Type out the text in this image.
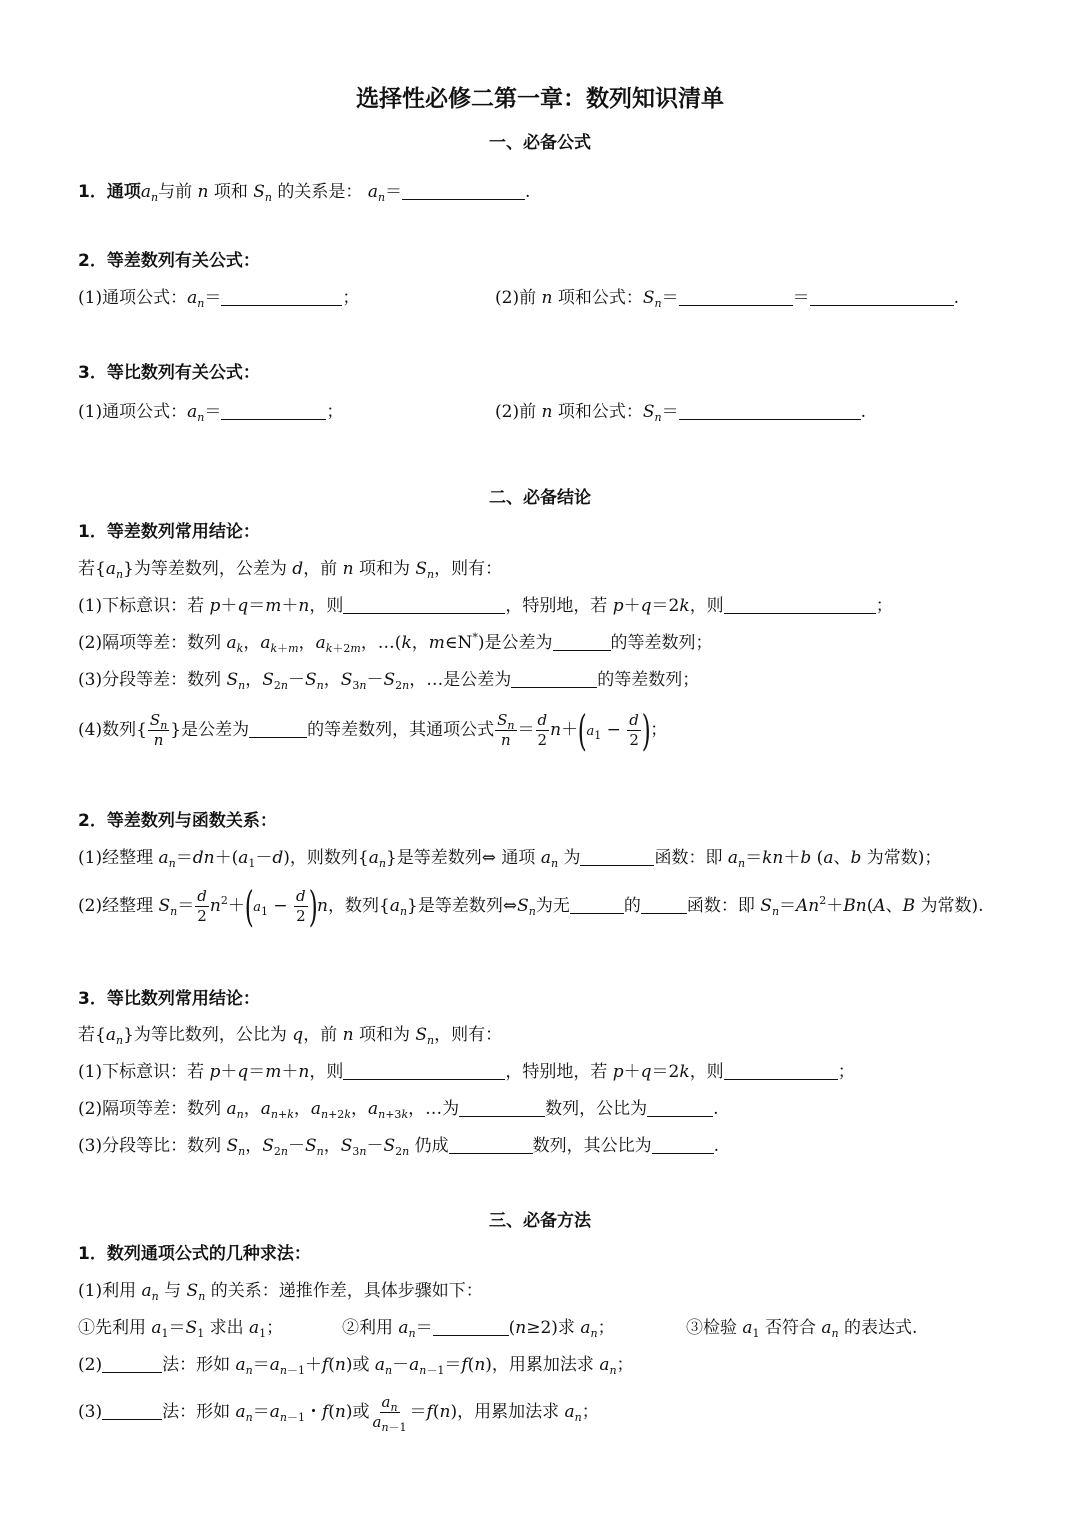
选择性必修二第一章：数列知识清单
一、必备公式
1．通项$a_n$与前 n 项和 $S_n$ 的关系是： $a_n=$	.
2．等差数列有关公式：
(1)通项公式：$a_n=$	；	(2)前 n 项和公式：$S_n=$	＝	.
3．等比数列有关公式：
(1)通项公式：$a_n=$	；	(2)前 n 项和公式：$S_n=$	.
二、必备结论
1．等差数列常用结论：
若$\{a_n\}$为等差数列，公差为 d，前 n 项和为 $S_n$，则有：
(1)下标意识：若 p＋q＝m＋n，则	，特别地，若 p＋q＝2k，则	；
(2)隔项等差：数列 $a_k$，$a_{k+m}$，$a_{k+2m}$，…(k，m∈N*)是公差为	的等差数列；
(3)分段等差：数列 $S_n$，$S_{2n}-S_n$，$S_{3n}-S_{2n}$，…是公差为	的等差数列；
(4)数列{ $\frac{S_n}{n}$ }是公差为	的等差数列，其通项公式 $\frac{S_n}{n} = \frac{d}{2} n+(a_1 - \frac{d}{2}$ )；
2．等差数列与函数关系：
(1)经整理 $a_n=dn+(a_1-d)$，则数列$\{a_n\}$是等差数列⇔ 通项 $a_n$ 为	函数：即 $a_n=kn+b$ (a、b 为常数)；
(2)经整理 $S_n= \frac{d}{2} n^2+(a_1 - \frac{d}{2} )n$，数列$\{a_n\}$是等差数列$\Leftrightarrow S_n$为无	的	函数：即 $S_n=An^2+Bn(A$、B 为常数).
3．等比数列常用结论：
若$\{a_n\}$为等比数列，公比为 q，前 n 项和为 $S_n$，则有：
(1)下标意识：若 p＋q＝m＋n，则	，特别地，若 p＋q＝2k，则	；
(2)隔项等差：数列 $a_n$，$a_{n+k}$，$a_{n+2k}$，$a_{n+3k}$，…为	数列，公比为	.
(3)分段等比：数列 $S_n$，$S_{2n}-S_n$，$S_{3n}-S_{2n}$ 仍成	数列，其公比为	.
三、必备方法
1．数列通项公式的几种求法：
(1)利用 $a_n$ 与 $S_n$ 的关系：递推作差，具体步骤如下：
①先利用 $a_1=S_1$ 求出 $a_1$；	②利用 $a_n=$	(n≥2)求 $a_n$；	③检验 $a_1$ 否符合 $a_n$ 的表达式.
(2)	法：形如 $a_n=a_{n-1}+f(n)$或 $a_n-a_{n-1}=f(n)$，用累加法求 $a_n$；
(3)	法：形如 $a_n=a_{n-1}$・f(n)或 $\frac{a_n}{a_{n-1}} =f(n)$，用累加法求 $a_n$；
